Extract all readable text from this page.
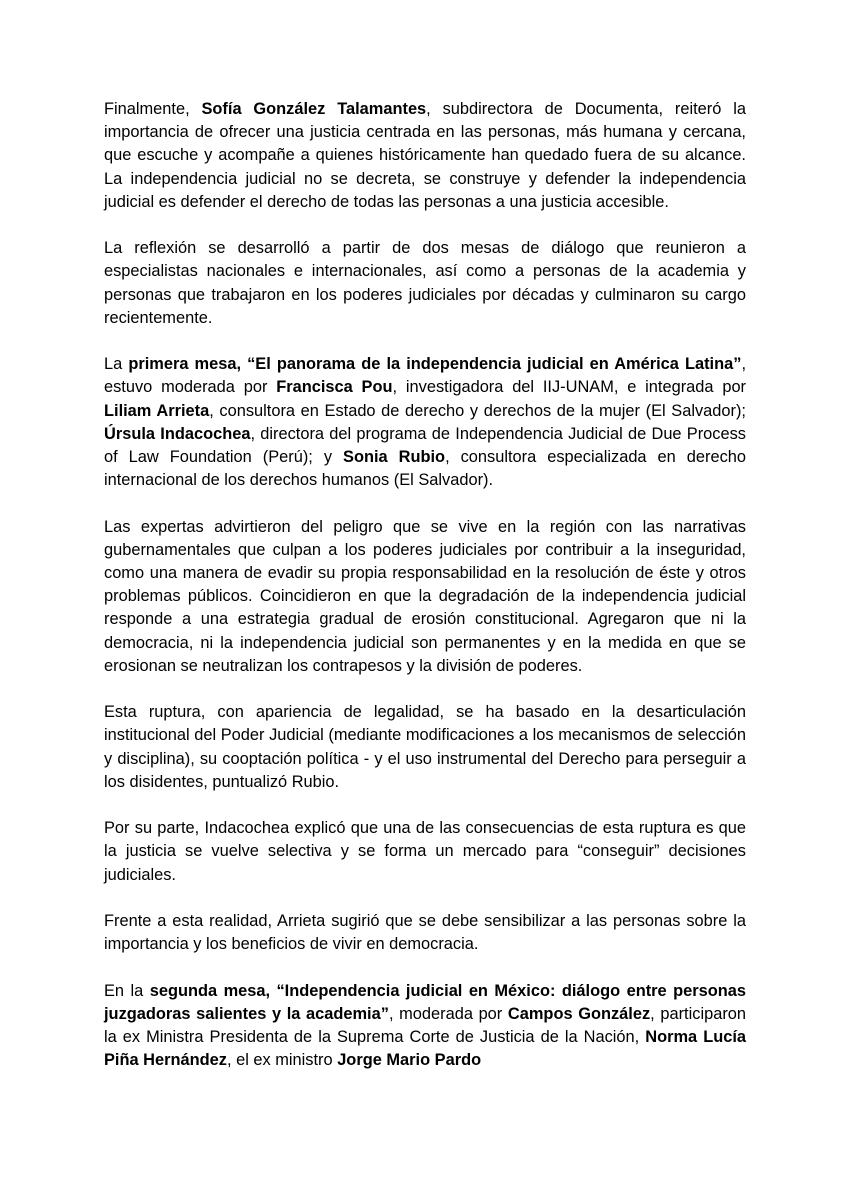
Finalmente, Sofía González Talamantes, subdirectora de Documenta, reiteró la importancia de ofrecer una justicia centrada en las personas, más humana y cercana, que escuche y acompañe a quienes históricamente han quedado fuera de su alcance. La independencia judicial no se decreta, se construye y defender la independencia judicial es defender el derecho de todas las personas a una justicia accesible.

La reflexión se desarrolló a partir de dos mesas de diálogo que reunieron a especialistas nacionales e internacionales, así como a personas de la academia y personas que trabajaron en los poderes judiciales por décadas y culminaron su cargo recientemente.

La primera mesa, “El panorama de la independencia judicial en América Latina”, estuvo moderada por Francisca Pou, investigadora del IIJ-UNAM, e integrada por Liliam Arrieta, consultora en Estado de derecho y derechos de la mujer (El Salvador); Úrsula Indacochea, directora del programa de Independencia Judicial de Due Process of Law Foundation (Perú); y Sonia Rubio, consultora especializada en derecho internacional de los derechos humanos (El Salvador).

Las expertas advirtieron del peligro que se vive en la región con las narrativas gubernamentales que culpan a los poderes judiciales por contribuir a la inseguridad, como una manera de evadir su propia responsabilidad en la resolución de éste y otros problemas públicos. Coincidieron en que la degradación de la independencia judicial responde a una estrategia gradual de erosión constitucional. Agregaron que ni la democracia, ni la independencia judicial son permanentes y en la medida en que se erosionan se neutralizan los contrapesos y la división de poderes.

Esta ruptura, con apariencia de legalidad, se ha basado en la desarticulación institucional del Poder Judicial (mediante modificaciones a los mecanismos de selección y disciplina), su cooptación política - y el uso instrumental del Derecho para perseguir a los disidentes, puntualizó Rubio.

Por su parte, Indacochea explicó que una de las consecuencias de esta ruptura es que la justicia se vuelve selectiva y se forma un mercado para “conseguir” decisiones judiciales.

Frente a esta realidad, Arrieta sugirió que se debe sensibilizar a las personas sobre la importancia y los beneficios de vivir en democracia.

En la segunda mesa, “Independencia judicial en México: diálogo entre personas juzgadoras salientes y la academia”, moderada por Campos González, participaron la ex Ministra Presidenta de la Suprema Corte de Justicia de la Nación, Norma Lucía Piña Hernández, el ex ministro Jorge Mario Pardo
